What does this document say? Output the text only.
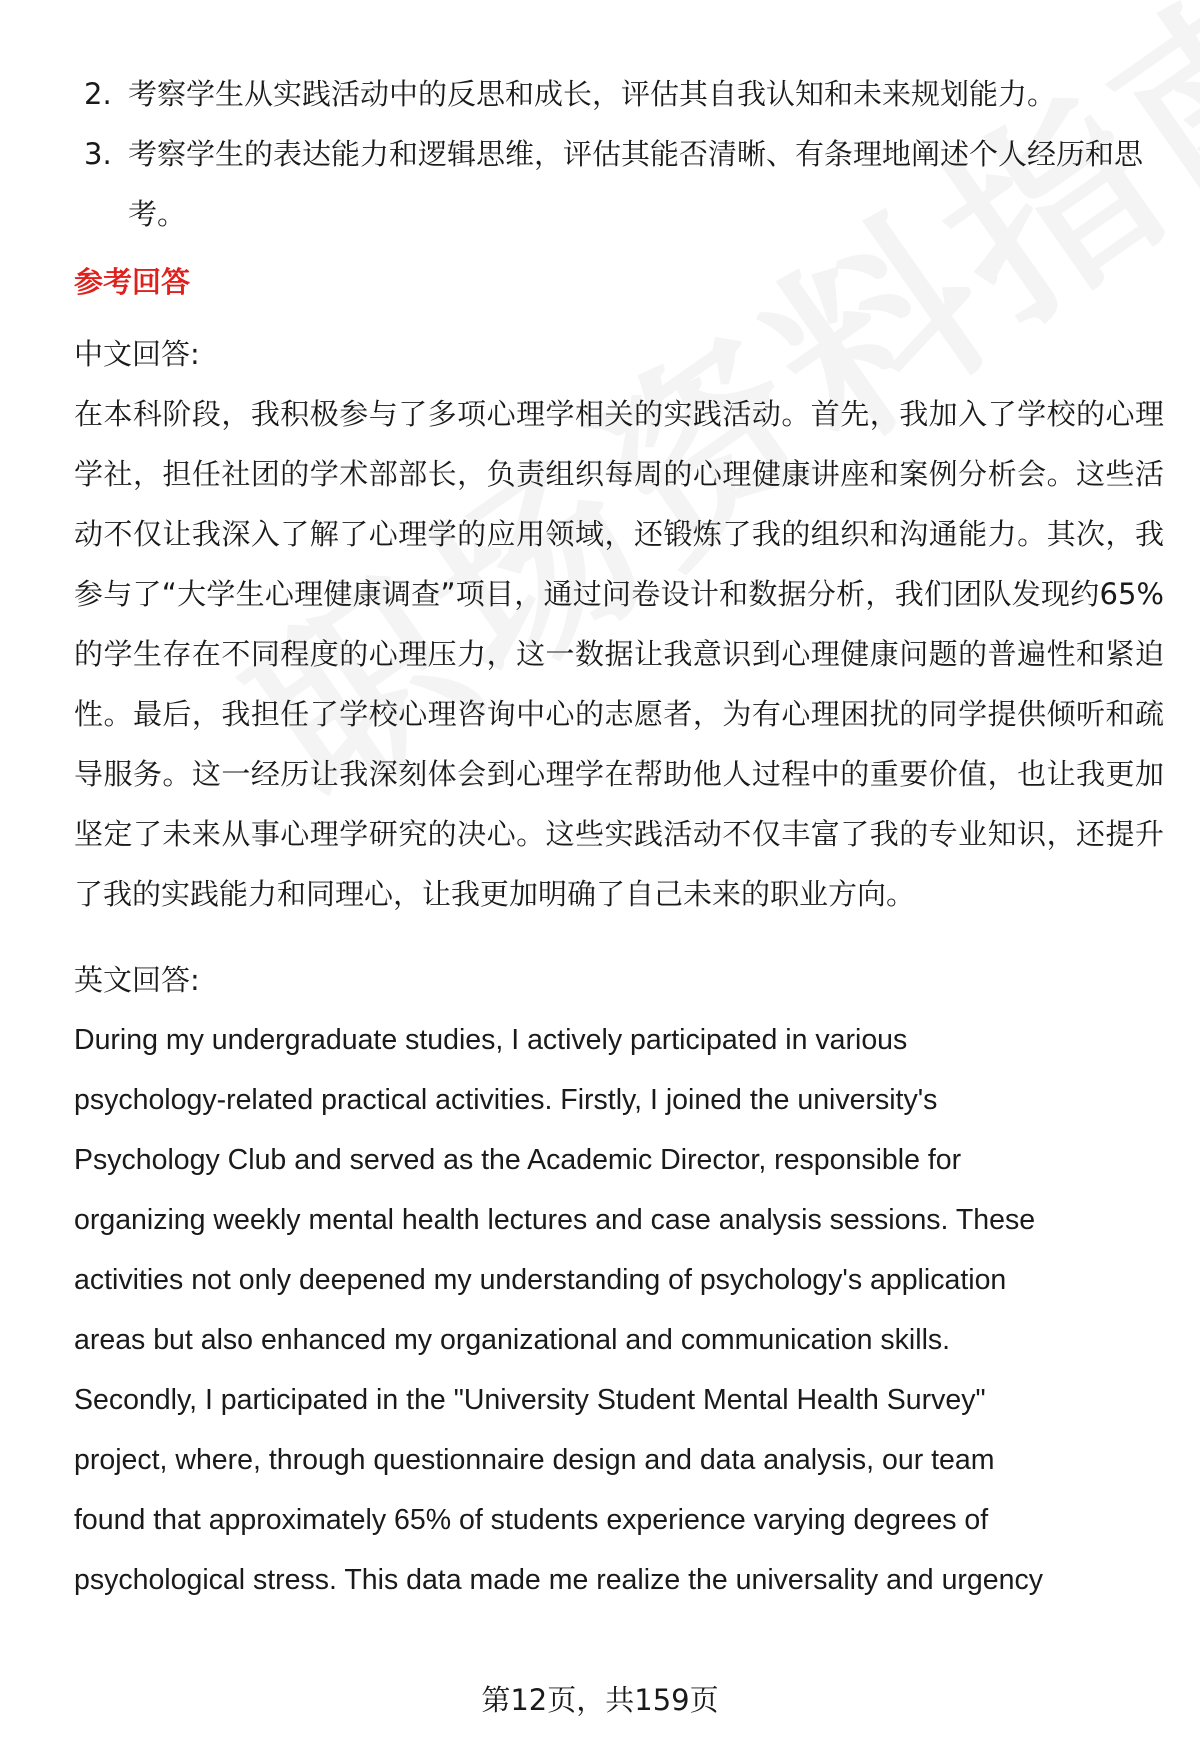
2. 考察学生从实践活动中的反思和成长，评估其自我认知和未来规划能力。
3. 考察学生的表达能力和逻辑思维，评估其能否清晰、有条理地阐述个人经历和思考。
参考回答
中文回答:
在本科阶段，我积极参与了多项心理学相关的实践活动。首先，我加入了学校的心理学社，担任社团的学术部部长，负责组织每周的心理健康讲座和案例分析会。这些活动不仅让我深入了解了心理学的应用领域，还锻炼了我的组织和沟通能力。其次，我参与了“大学生心理健康调查”项目，通过问卷设计和数据分析，我们团队发现约65%的学生存在不同程度的心理压力，这一数据让我意识到心理健康问题的普遍性和紧迫性。最后，我担任了学校心理咨询中心的志愿者，为有心理困扰的同学提供倾听和疏导服务。这一经历让我深刻体会到心理学在帮助他人过程中的重要价值，也让我更加坚定了未来从事心理学研究的决心。这些实践活动不仅丰富了我的专业知识，还提升了我的实践能力和同理心，让我更加明确了自己未来的职业方向。
英文回答:
During my undergraduate studies, I actively participated in various
psychology-related practical activities. Firstly, I joined the university's
Psychology Club and served as the Academic Director, responsible for
organizing weekly mental health lectures and case analysis sessions. These
activities not only deepened my understanding of psychology's application
areas but also enhanced my organizational and communication skills.
Secondly, I participated in the "University Student Mental Health Survey"
project, where, through questionnaire design and data analysis, our team
found that approximately 65% of students experience varying degrees of
psychological stress. This data made me realize the universality and urgency
第12页，共159页
